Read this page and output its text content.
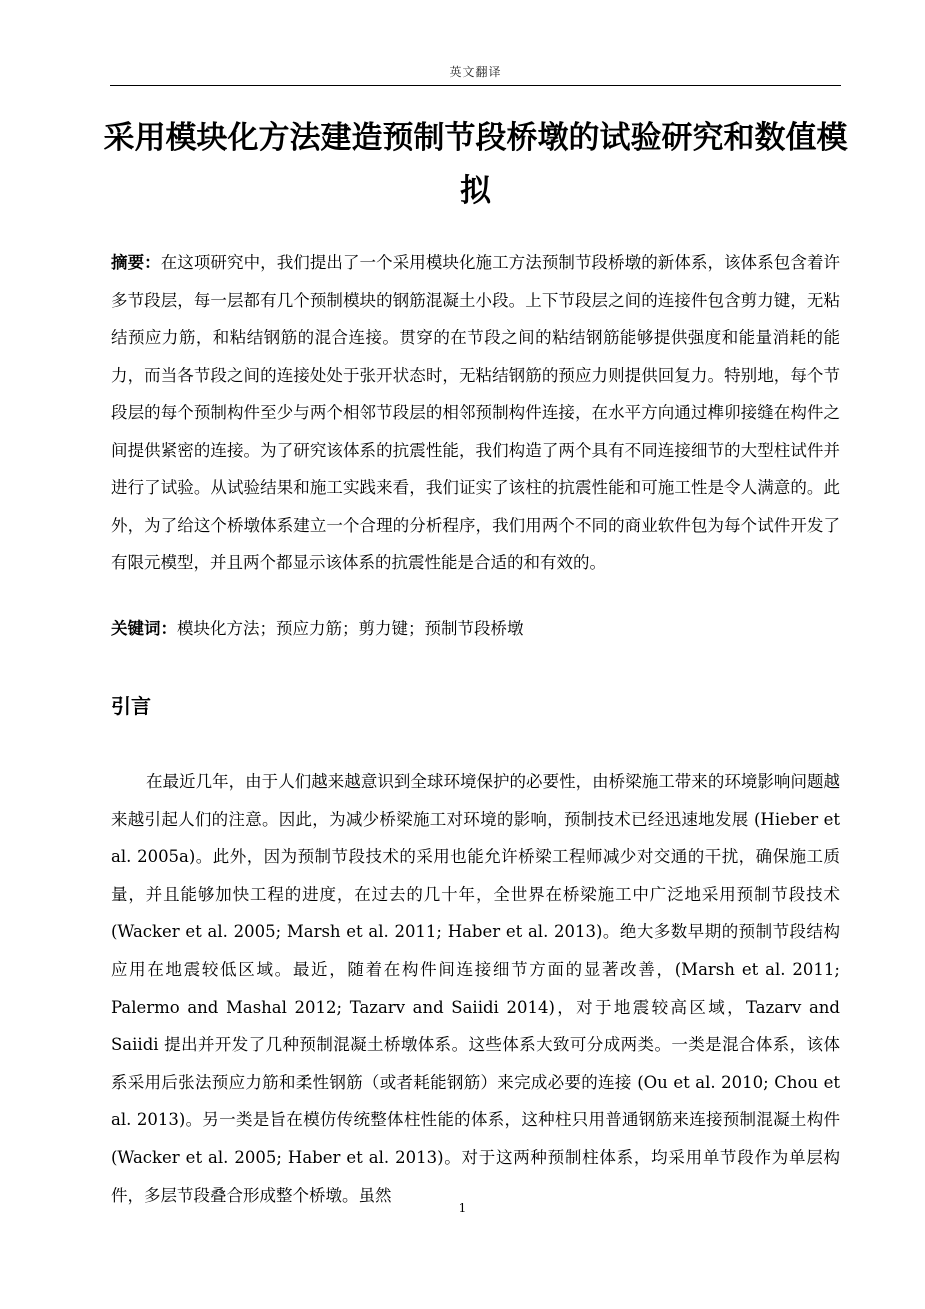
英文翻译
采用模块化方法建造预制节段桥墩的试验研究和数值模拟

摘要：在这项研究中，我们提出了一个采用模块化施工方法预制节段桥墩的新体系，该体系包含着许多节段层，每一层都有几个预制模块的钢筋混凝土小段。上下节段层之间的连接件包含剪力键，无粘结预应力筋，和粘结钢筋的混合连接。贯穿的在节段之间的粘结钢筋能够提供强度和能量消耗的能力，而当各节段之间的连接处处于张开状态时，无粘结钢筋的预应力则提供回复力。特别地，每个节段层的每个预制构件至少与两个相邻节段层的相邻预制构件连接，在水平方向通过榫卯接缝在构件之间提供紧密的连接。为了研究该体系的抗震性能，我们构造了两个具有不同连接细节的大型柱试件并进行了试验。从试验结果和施工实践来看，我们证实了该柱的抗震性能和可施工性是令人满意的。此外，为了给这个桥墩体系建立一个合理的分析程序，我们用两个不同的商业软件包为每个试件开发了有限元模型，并且两个都显示该体系的抗震性能是合适的和有效的。

关键词：模块化方法；预应力筋；剪力键；预制节段桥墩

引言

在最近几年，由于人们越来越意识到全球环境保护的必要性，由桥梁施工带来的环境影响问题越来越引起人们的注意。因此，为减少桥梁施工对环境的影响，预制技术已经迅速地发展 (Hieber et al. 2005a)。此外，因为预制节段技术的采用也能允许桥梁工程师减少对交通的干扰，确保施工质量，并且能够加快工程的进度，在过去的几十年，全世界在桥梁施工中广泛地采用预制节段技术(Wacker et al. 2005; Marsh et al. 2011; Haber et al. 2013)。绝大多数早期的预制节段结构应用在地震较低区域。最近，随着在构件间连接细节方面的显著改善，(Marsh et al. 2011; Palermo and Mashal 2012; Tazarv and Saiidi 2014)，对于地震较高区域，Tazarv and Saiidi 提出并开发了几种预制混凝土桥墩体系。这些体系大致可分成两类。一类是混合体系，该体系采用后张法预应力筋和柔性钢筋（或者耗能钢筋）来完成必要的连接 (Ou et al. 2010; Chou et al. 2013)。另一类是旨在模仿传统整体柱性能的体系，这种柱只用普通钢筋来连接预制混凝土构件(Wacker et al. 2005; Haber et al. 2013)。对于这两种预制柱体系，均采用单节段作为单层构件，多层节段叠合形成整个桥墩。虽然

1
